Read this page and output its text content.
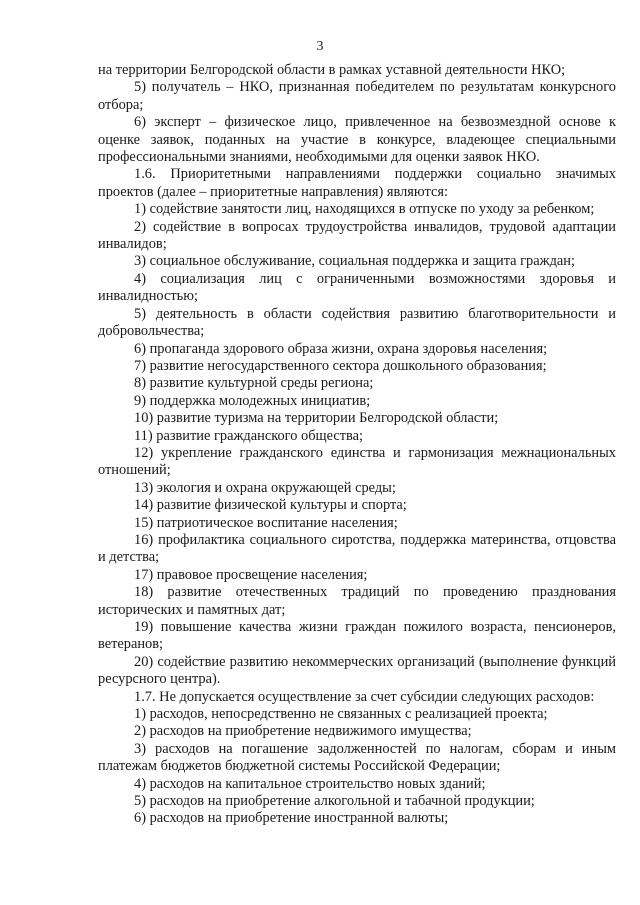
3

на территории Белгородской области в рамках уставной деятельности НКО;

5) получатель – НКО, признанная победителем по результатам конкурсного отбора;

6) эксперт – физическое лицо, привлеченное на безвозмездной основе к оценке заявок, поданных на участие в конкурсе, владеющее специальными профессиональными знаниями, необходимыми для оценки заявок НКО.

1.6. Приоритетными направлениями поддержки социально значимых проектов (далее – приоритетные направления) являются:

1) содействие занятости лиц, находящихся в отпуске по уходу за ребенком;

2) содействие в вопросах трудоустройства инвалидов, трудовой адаптации инвалидов;

3) социальное обслуживание, социальная поддержка и защита граждан;

4) социализация лиц с ограниченными возможностями здоровья и инвалидностью;

5) деятельность в области содействия развитию благотворительности и добровольчества;

6) пропаганда здорового образа жизни, охрана здоровья населения;

7) развитие негосударственного сектора дошкольного образования;

8) развитие культурной среды региона;

9) поддержка молодежных инициатив;

10) развитие туризма на территории Белгородской области;

11) развитие гражданского общества;

12) укрепление гражданского единства и гармонизация межнациональных отношений;

13) экология и охрана окружающей среды;

14) развитие физической культуры и спорта;

15) патриотическое воспитание населения;

16) профилактика социального сиротства, поддержка материнства, отцовства и детства;

17) правовое просвещение населения;

18) развитие отечественных традиций по проведению празднования исторических и памятных дат;

19) повышение качества жизни граждан пожилого возраста, пенсионеров, ветеранов;

20) содействие развитию некоммерческих организаций (выполнение функций ресурсного центра).

1.7. Не допускается осуществление за счет субсидии следующих расходов:

1) расходов, непосредственно не связанных с реализацией проекта;

2) расходов на приобретение недвижимого имущества;

3) расходов на погашение задолженностей по налогам, сборам и иным платежам бюджетов бюджетной системы Российской Федерации;

4) расходов на капитальное строительство новых зданий;

5) расходов на приобретение алкогольной и табачной продукции;

6) расходов на приобретение иностранной валюты;
